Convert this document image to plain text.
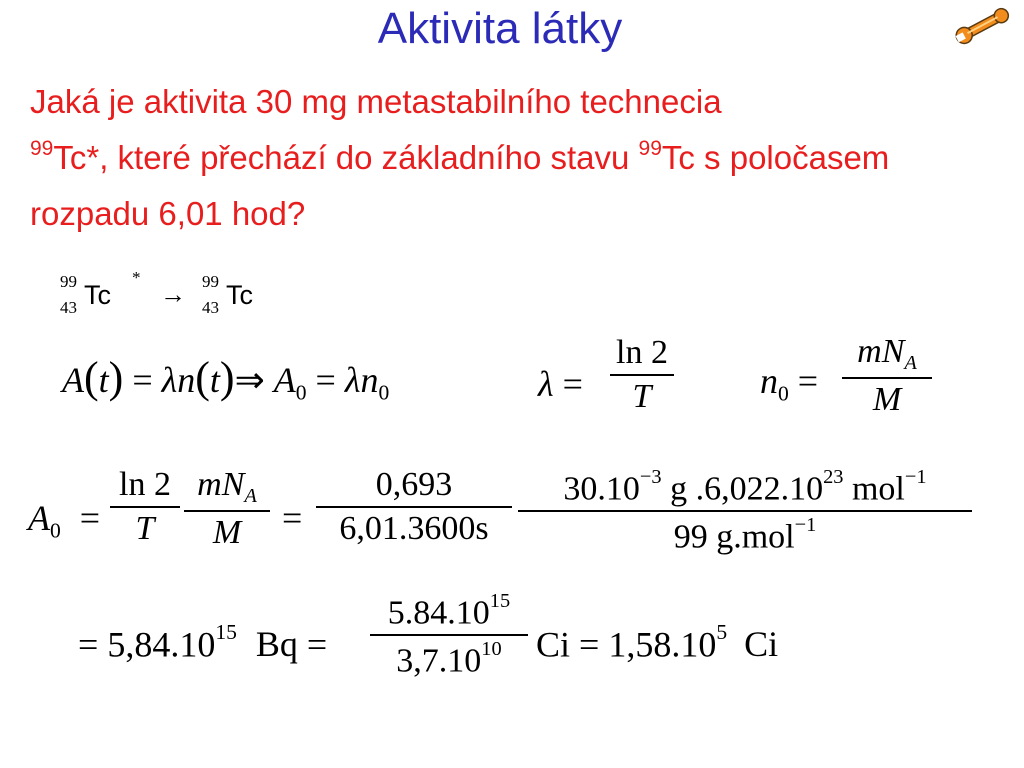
Aktivita látky
Jaká je aktivita 30 mg metastabilního technecia
$^{99}$Tc*, které přechází do základního stavu $^{99}$Tc s poločasem rozpadu 6,01 hod?
99
43 Tc
*
→ 99
43 Tc
A(t) = λn(t)⇒ $A_0 = \lambda n_0$	λ =
ln 2
T	$n_0$ =
$mN_A$
M
$A_0$ =
ln 2
T
$mN_A$
M	=
0,693
6,01.3600s
$30.10^{-3}$ g .6,022.10$^{23}$ mol$^{-1}$
99 g.mol$^{-1}$
= $5,84.10^{15}$ Bq =
$5.84.10^{15}$
3,7.10$^{10}$ $Ci = 1,58.10^5$ Ci
